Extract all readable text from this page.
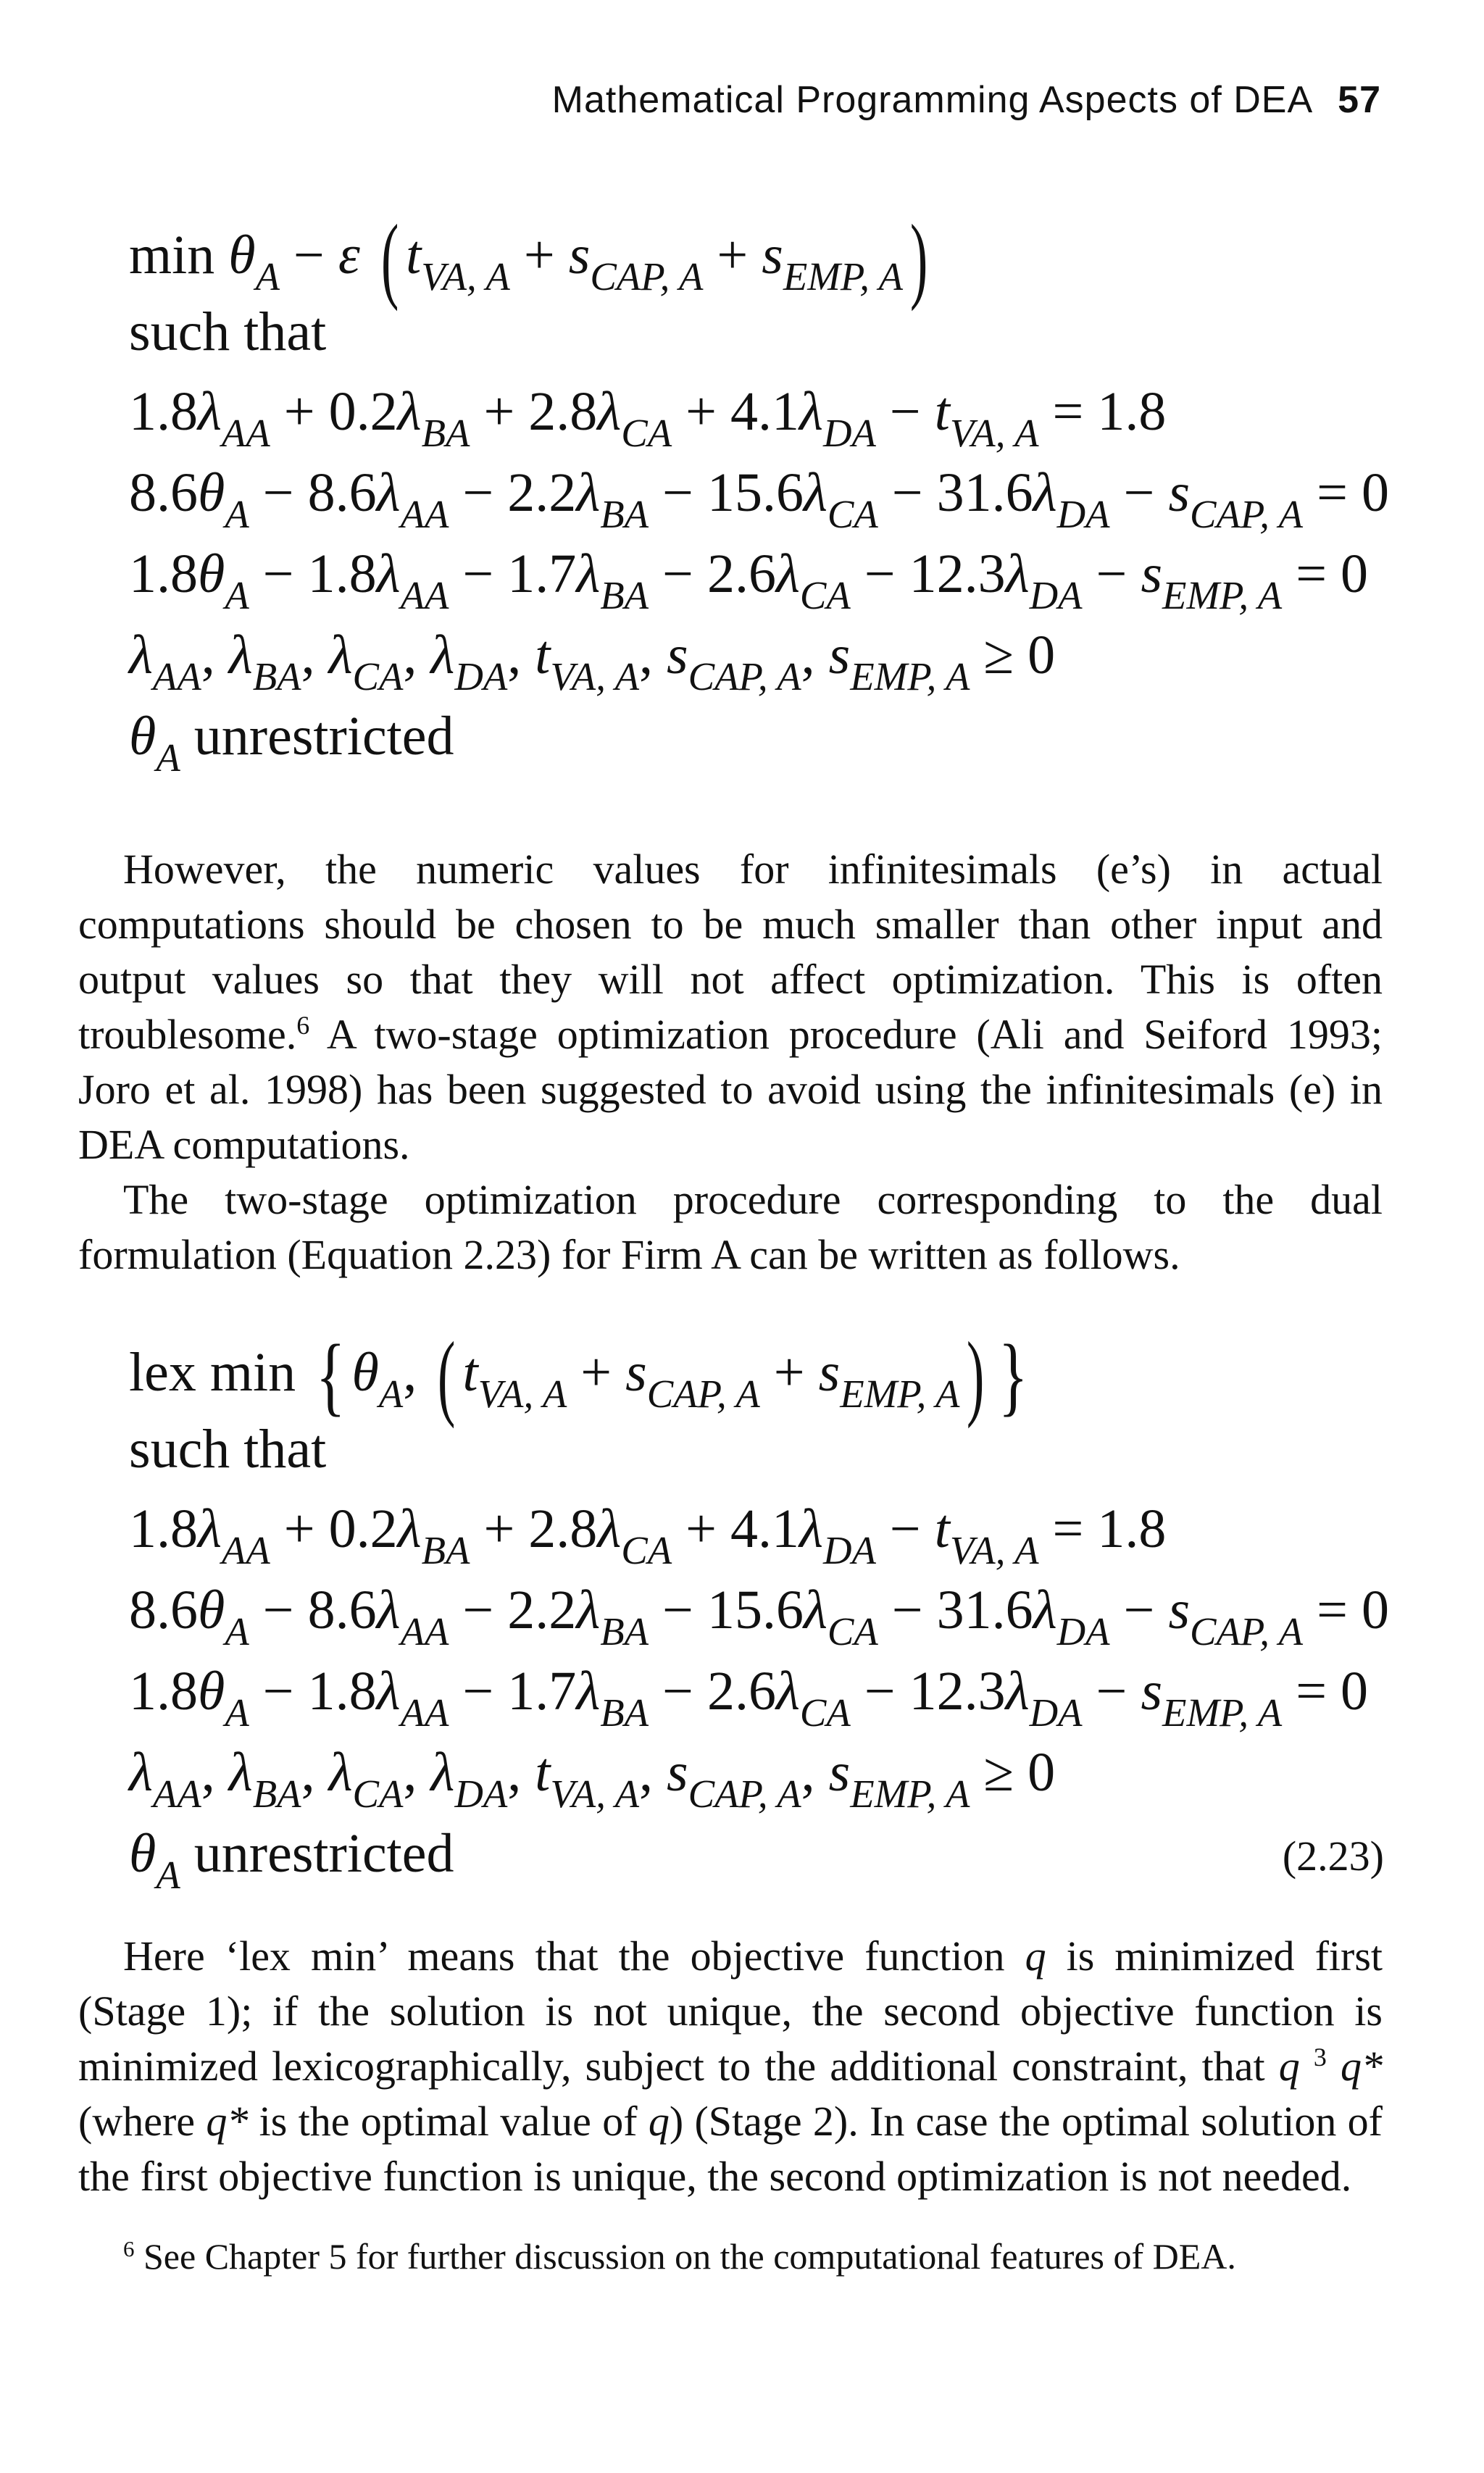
Mathematical Programming Aspects of DEA 57
$\min \theta_A - \varepsilon$ ( $t_{VA, A} + s_{CAP, A} + s_{EMP, A}$)
such that
$1.8\lambda_{AA} + 0.2\lambda_{BA} + 2.8\lambda_{CA} + 4.1\lambda_{DA} - t_{VA, A} = 1.8$
$8.6\theta_A - 8.6\lambda_{AA} - 2.2\lambda_{BA} - 15.6\lambda_{CA} - 31.6\lambda_{DA} - s_{CAP, A} = 0$
$1.8\theta_A - 1.8\lambda_{AA} - 1.7\lambda_{BA} - 2.6\lambda_{CA} - 12.3\lambda_{DA} - s_{EMP, A} = 0$
$\lambda_{AA}$, $\lambda_{BA}$, $\lambda_{CA}$, $\lambda_{DA}$, $t_{VA, A}$, $s_{CAP, A}$, $s_{EMP, A} \ge 0$
$\theta_A$ unrestricted

However, the numeric values for infinitesimals (e’s) in actual computations should be chosen to be much smaller than other input and output values so that they will not affect optimization. This is often troublesome.$^6$ A two-stage optimization procedure (Ali and Seiford 1993; Joro et al. 1998) has been suggested to avoid using the infinitesimals (e) in DEA computations.

The two-stage optimization procedure corresponding to the dual formulation (Equation 2.23) for Firm A can be written as follows.

lex min { $\theta_A$, ( $t_{VA, A} + s_{CAP, A} + s_{EMP, A}$) }
such that
$1.8\lambda_{AA} + 0.2\lambda_{BA} + 2.8\lambda_{CA} + 4.1\lambda_{DA} - t_{VA, A} = 1.8$
$8.6\theta_A - 8.6\lambda_{AA} - 2.2\lambda_{BA} - 15.6\lambda_{CA} - 31.6\lambda_{DA} - s_{CAP, A} = 0$
$1.8\theta_A - 1.8\lambda_{AA} - 1.7\lambda_{BA} - 2.6\lambda_{CA} - 12.3\lambda_{DA} - s_{EMP, A} = 0$
$\lambda_{AA}$, $\lambda_{BA}$, $\lambda_{CA}$, $\lambda_{DA}$, $t_{VA, A}$, $s_{CAP, A}$, $s_{EMP, A} \ge 0$
$\theta_A$ unrestricted	(2.23)

Here ‘lex min’ means that the objective function q is minimized first (Stage 1); if the solution is not unique, the second objective function is minimized lexicographically, subject to the additional constraint, that q $^3$ q* (where q* is the optimal value of q) (Stage 2). In case the optimal solution of the first objective function is unique, the second optimization is not needed.

$^6$ See Chapter 5 for further discussion on the computational features of DEA.
